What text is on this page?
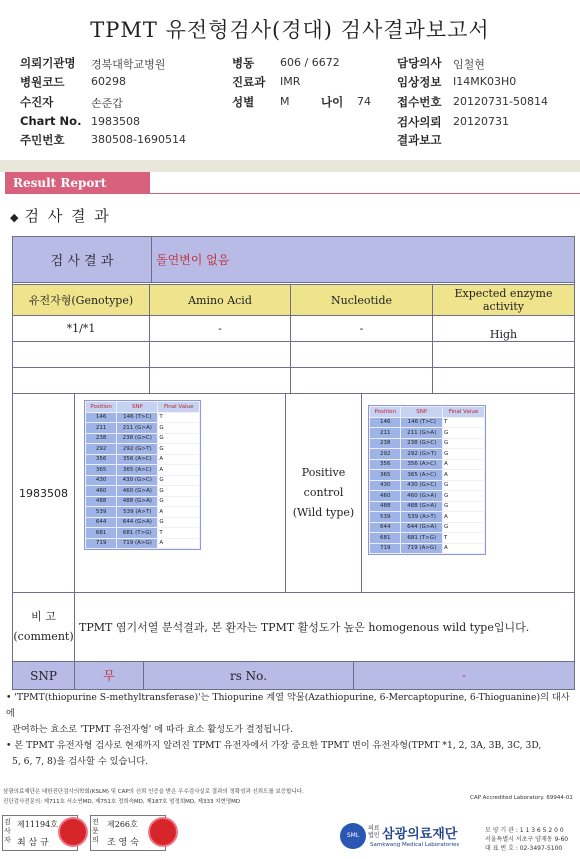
TPMT 유전형검사(경대) 검사결과보고서
의뢰기관명 경북대학교병원	병동 606 / 6672	담당의사 임철현
병원코드 60298	진료과 IMR	임상정보 I14MK03H0
수진자	손준갑	성별 M	나이 74 접수번호 20120731-50814
Chart No. 1983508	검사의뢰 20120731
주민번호 380508-1690514	결과보고
Result Report
◆ 검 사 결 과
검 사 결 과	돌연변이 없음
유전자형(Genotype)	Amino Acid	Nucleotide	Expected enzyme activity
*1/*1	-	-	High
1983508
Positive
control
(Wild type)
Position	SNP	Final Value
146	146 (T>C)	T
211	211 (G>A)	G
238	238 (G>C)	G
292	292 (G>T)	G
356	356 (A>C)	A
365	365 (A>C)	A
430	430 (G>C)	G
460	460 (G>A)	G
488	488 (G>A)	G
539	539 (A>T)	A
644	644 (G>A)	G
681	681 (T>G)	T
719	719 (A>G)	A
Position	SNP	Final Value
146	146 (T>C)	T
211	211 (G>A)	G
238	238 (G>C)	G
292	292 (G>T)	G
356	356 (A>C)	A
365	365 (A>C)	A
430	430 (G>C)	G
460	460 (G>A)	G
488	488 (G>A)	G
539	539 (A>T)	A
644	644 (G>A)	G
681	681 (T>G)	T
719	719 (A>G)	A
비 고
(comment)
TPMT 염기서열 분석결과, 본 환자는 TPMT 활성도가 높은 homogenous wild type입니다.
SNP	무	rs No.	-
• 'TPMT(thiopurine S-methyltransferase)'는 Thiopurine 계열 약물(Azathiopurine, 6-Mercaptopurine, 6-Thioguanine)의 대사에
관여하는 효소로 'TPMT 유전자형' 에 따라 효소 활성도가 결정됩니다.
• 본 TPMT 유전자형 검사로 현재까지 알려진 TPMT 유전자에서 가장 중요한 TPMT 변이 유전자형(TPMT *1, 2, 3A, 3B, 3C, 3D,
5, 6, 7, 8)을 검사할 수 있습니다.
삼광의료재단은 대한진단검사의학회(KSLM) 및 CAP의 신뢰 인증을 받은 우수검사실로 결과의 정확성과 신뢰도를 보증합니다.
진단검사전문의: 제711호 서소연MD, 제751호 정희숙MD, 제187호 엄정희MD, 제333 지현영MD
CAP Accredited Laboratory. 69944-01
검사자
제11194호
최 삼 규
전문의
제266호
조 영 숙
SML
의료법인 삼광의료재단
Samkwang Medical Laboratories
모 양 기 관 : 1 1 3 6 5 2 0 0
서울특별시 서초구 양재동 9-60
대 표 번 호 : 02-3497-5100
